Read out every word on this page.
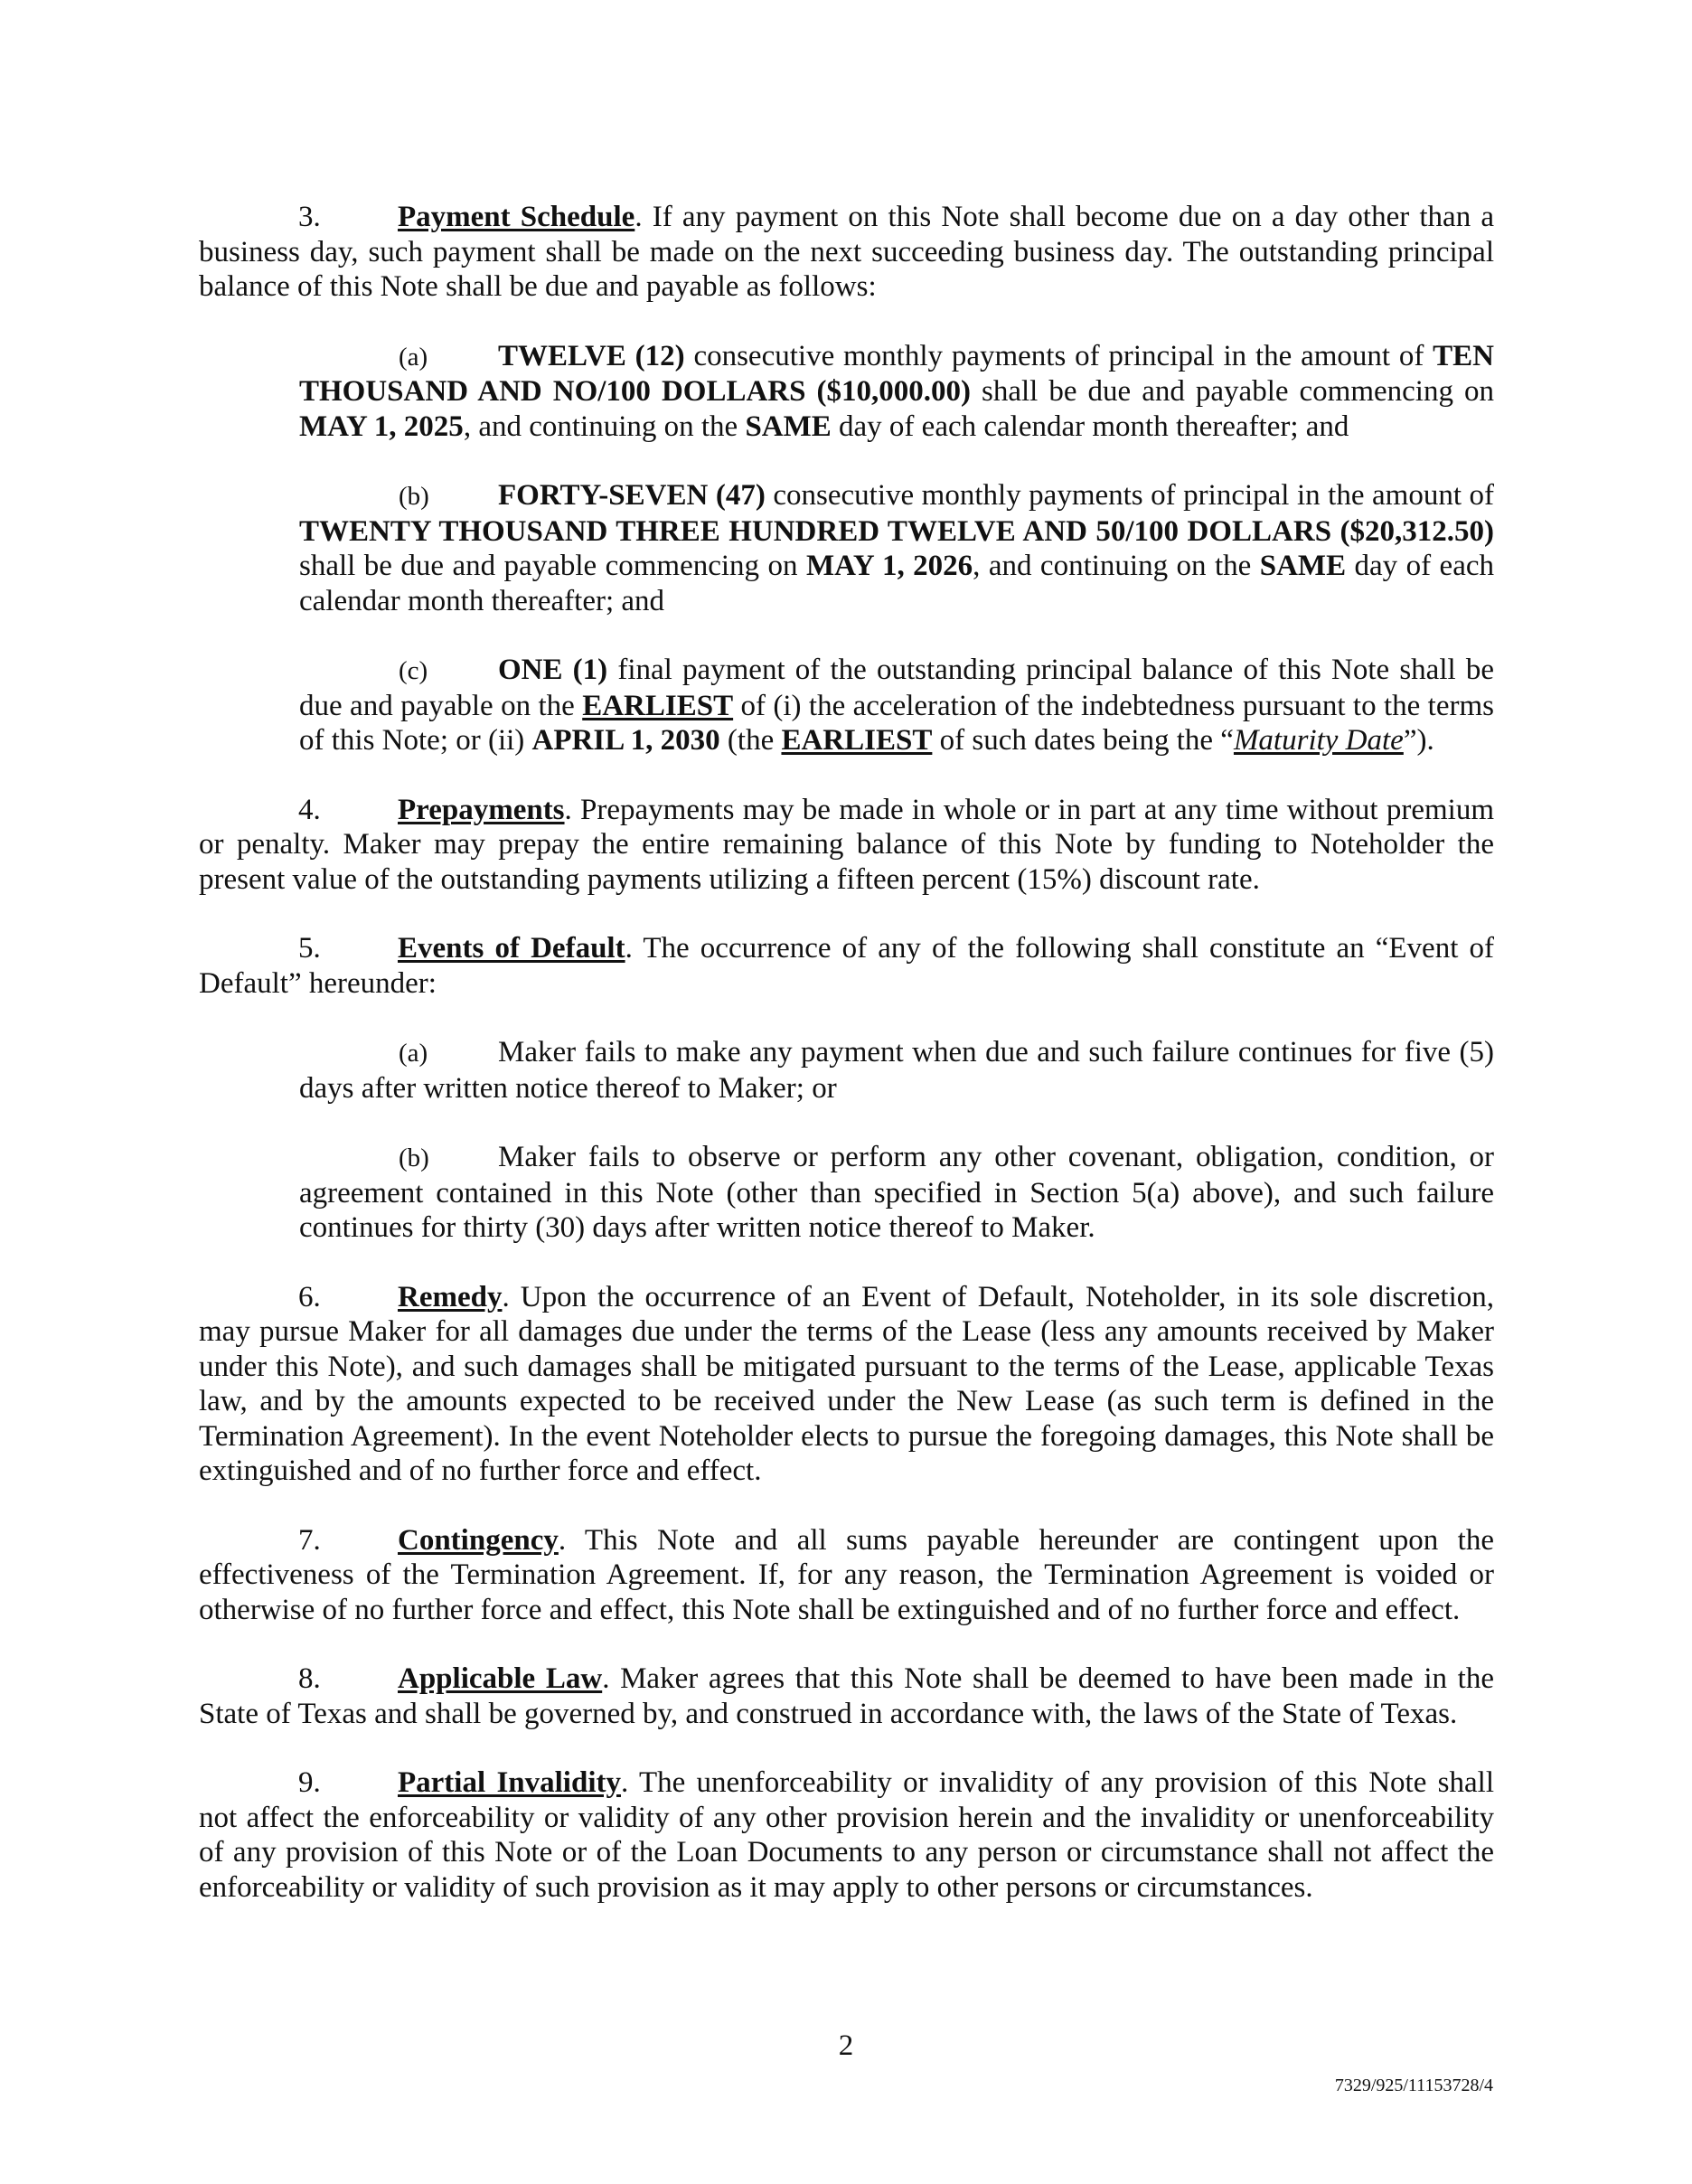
3.	Payment Schedule. If any payment on this Note shall become due on a day other than a business day, such payment shall be made on the next succeeding business day. The outstanding principal balance of this Note shall be due and payable as follows:

(a) TWELVE (12) consecutive monthly payments of principal in the amount of TEN THOUSAND AND NO/100 DOLLARS ($10,000.00) shall be due and payable commencing on MAY 1, 2025, and continuing on the SAME day of each calendar month thereafter; and

(b) FORTY-SEVEN (47) consecutive monthly payments of principal in the amount of TWENTY THOUSAND THREE HUNDRED TWELVE AND 50/100 DOLLARS ($20,312.50) shall be due and payable commencing on MAY 1, 2026, and continuing on the SAME day of each calendar month thereafter; and

(c) ONE (1) final payment of the outstanding principal balance of this Note shall be due and payable on the EARLIEST of (i) the acceleration of the indebtedness pursuant to the terms of this Note; or (ii) APRIL 1, 2030 (the EARLIEST of such dates being the “Maturity Date”).

4.	Prepayments. Prepayments may be made in whole or in part at any time without premium or penalty. Maker may prepay the entire remaining balance of this Note by funding to Noteholder the present value of the outstanding payments utilizing a fifteen percent (15%) discount rate.

5.	Events of Default. The occurrence of any of the following shall constitute an “Event of Default” hereunder:

(a) Maker fails to make any payment when due and such failure continues for five (5) days after written notice thereof to Maker; or

(b) Maker fails to observe or perform any other covenant, obligation, condition, or agreement contained in this Note (other than specified in Section 5(a) above), and such failure continues for thirty (30) days after written notice thereof to Maker.

6.	Remedy. Upon the occurrence of an Event of Default, Noteholder, in its sole discretion, may pursue Maker for all damages due under the terms of the Lease (less any amounts received by Maker under this Note), and such damages shall be mitigated pursuant to the terms of the Lease, applicable Texas law, and by the amounts expected to be received under the New Lease (as such term is defined in the Termination Agreement). In the event Noteholder elects to pursue the foregoing damages, this Note shall be extinguished and of no further force and effect.

7.	Contingency. This Note and all sums payable hereunder are contingent upon the effectiveness of the Termination Agreement. If, for any reason, the Termination Agreement is voided or otherwise of no further force and effect, this Note shall be extinguished and of no further force and effect.

8.	Applicable Law. Maker agrees that this Note shall be deemed to have been made in the State of Texas and shall be governed by, and construed in accordance with, the laws of the State of Texas.

9.	Partial Invalidity. The unenforceability or invalidity of any provision of this Note shall not affect the enforceability or validity of any other provision herein and the invalidity or unenforceability of any provision of this Note or of the Loan Documents to any person or circumstance shall not affect the enforceability or validity of such provision as it may apply to other persons or circumstances.

2
7329/925/11153728/4
